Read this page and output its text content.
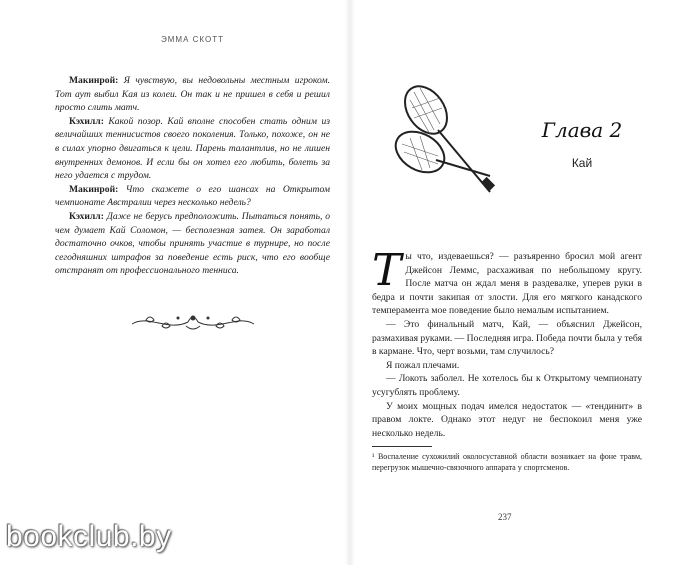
ЭММА СКОТТ

Макинрой: Я чувствую, вы недовольны местным игроком. Тот аут выбил Кая из колеи. Он так и не пришел в себя и решил просто слить матч.

Кэхилл: Какой позор. Кай вполне способен стать одним из величайших теннисистов своего поколения. Только, похоже, он не в силах упорно двигаться к цели. Парень талантлив, но не лишен внутренних демонов. И если бы он хотел его любить, болеть за него удается с трудом.

Макинрой: Что скажете о его шансах на Открытом чемпионате Австралии через несколько недель?

Кэхилл: Даже не берусь предположить. Пытаться понять, о чем думает Кай Соломон, — бесполезная затея. Он заработал достаточно очков, чтобы принять участие в турнире, но после сегодняшних штрафов за поведение есть риск, что его вообще отстранят от профессионального тенниса.

Глава 2
Кай

Т ы что, издеваешься? — разъяренно бросил мой агент Джейсон Леммс, расхаживая по небольшому кругу. После матча он ждал меня в раздевалке, уперев руки в бедра и почти закипая от злости. Для его мягкого канадского темперамента мое поведение было немалым испытанием.

— Это финальный матч, Кай, — объяснил Джейсон, размахивая руками. — Последняя игра. Победа почти была у тебя в кармане. Что, черт возьми, там случилось?

Я пожал плечами.

— Локоть заболел. Не хотелось бы к Открытому чемпионату усугублять проблему.

У моих мощных подач имелся недостаток — «тендинит» в правом локте. Однако этот недуг не беспокоил меня уже несколько недель.

¹ Воспаление сухожилий околосуставной области возникает на фоне травм, перегрузок мышечно-связочного аппарата у спортсменов.
237
bookclub.by
